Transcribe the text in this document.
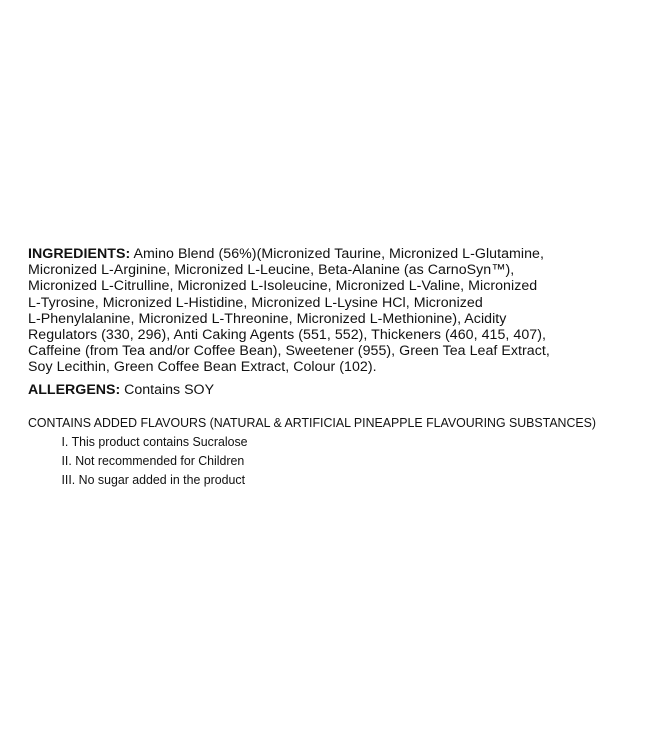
INGREDIENTS: Amino Blend (56%)(Micronized Taurine, Micronized L-Glutamine,
Micronized L-Arginine, Micronized L-Leucine, Beta-Alanine (as CarnoSyn™),
Micronized L-Citrulline, Micronized L-Isoleucine, Micronized L-Valine, Micronized
L-Tyrosine, Micronized L-Histidine, Micronized L-Lysine HCl, Micronized
L-Phenylalanine, Micronized L-Threonine, Micronized L-Methionine), Acidity
Regulators (330, 296), Anti Caking Agents (551, 552), Thickeners (460, 415, 407),
Caffeine (from Tea and/or Coffee Bean), Sweetener (955), Green Tea Leaf Extract,
Soy Lecithin, Green Coffee Bean Extract, Colour (102).

ALLERGENS: Contains SOY

CONTAINS ADDED FLAVOURS (NATURAL & ARTIFICIAL PINEAPPLE FLAVOURING SUBSTANCES)
I. This product contains Sucralose
II. Not recommended for Children
III. No sugar added in the product
